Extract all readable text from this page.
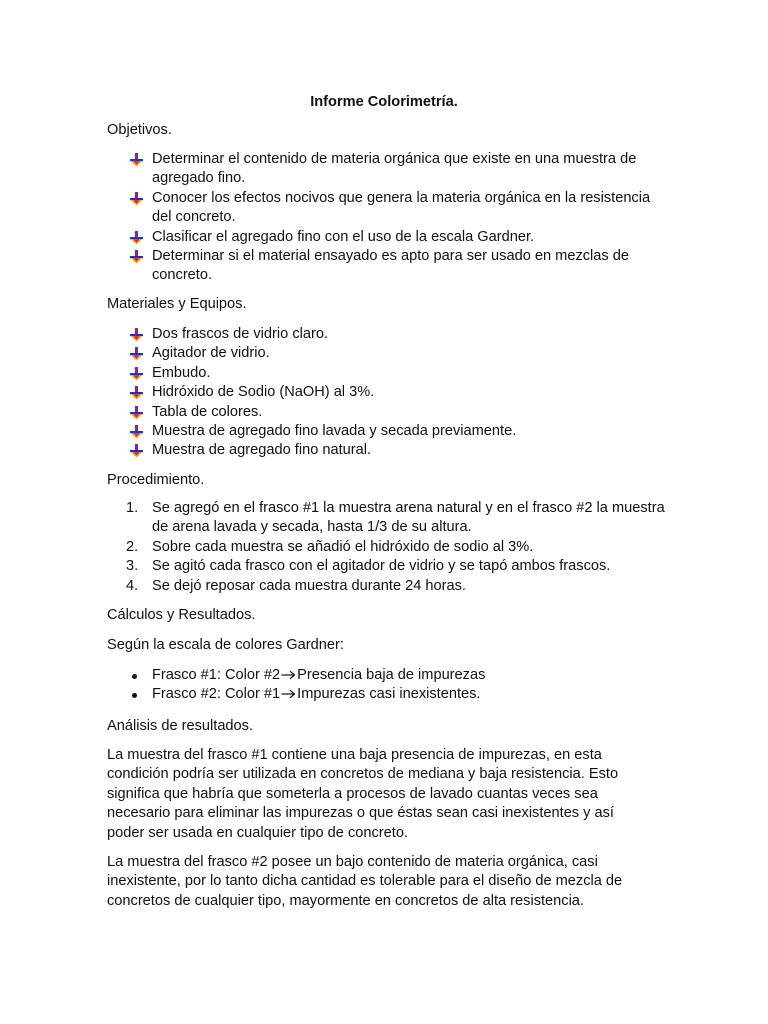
Informe Colorimetría.
Objetivos.
Determinar el contenido de materia orgánica que existe en una muestra de agregado fino.
Conocer los efectos nocivos que genera la materia orgánica en la resistencia del concreto.
Clasificar el agregado fino con el uso de la escala Gardner.
Determinar si el material ensayado es apto para ser usado en mezclas de concreto.
Materiales y Equipos.
Dos frascos de vidrio claro.
Agitador de vidrio.
Embudo.
Hidróxido de Sodio (NaOH) al 3%.
Tabla de colores.
Muestra de agregado fino lavada y secada previamente.
Muestra de agregado fino natural.
Procedimiento.
1. Se agregó en el frasco #1 la muestra arena natural y en el frasco #2 la muestra de arena lavada y secada, hasta 1/3 de su altura.
2. Sobre cada muestra se añadió el hidróxido de sodio al 3%.
3. Se agitó cada frasco con el agitador de vidrio y se tapó ambos frascos.
4. Se dejó reposar cada muestra durante 24 horas.
Cálculos y Resultados.
Según la escala de colores Gardner:
Frasco #1: Color #2 Presencia baja de impurezas
Frasco #2: Color #1 Impurezas casi inexistentes.
Análisis de resultados.

La muestra del frasco #1 contiene una baja presencia de impurezas, en esta condición podría ser utilizada en concretos de mediana y baja resistencia. Esto significa que habría que someterla a procesos de lavado cuantas veces sea necesario para eliminar las impurezas o que éstas sean casi inexistentes y así poder ser usada en cualquier tipo de concreto.

La muestra del frasco #2 posee un bajo contenido de materia orgánica, casi inexistente, por lo tanto dicha cantidad es tolerable para el diseño de mezcla de concretos de cualquier tipo, mayormente en concretos de alta resistencia.
